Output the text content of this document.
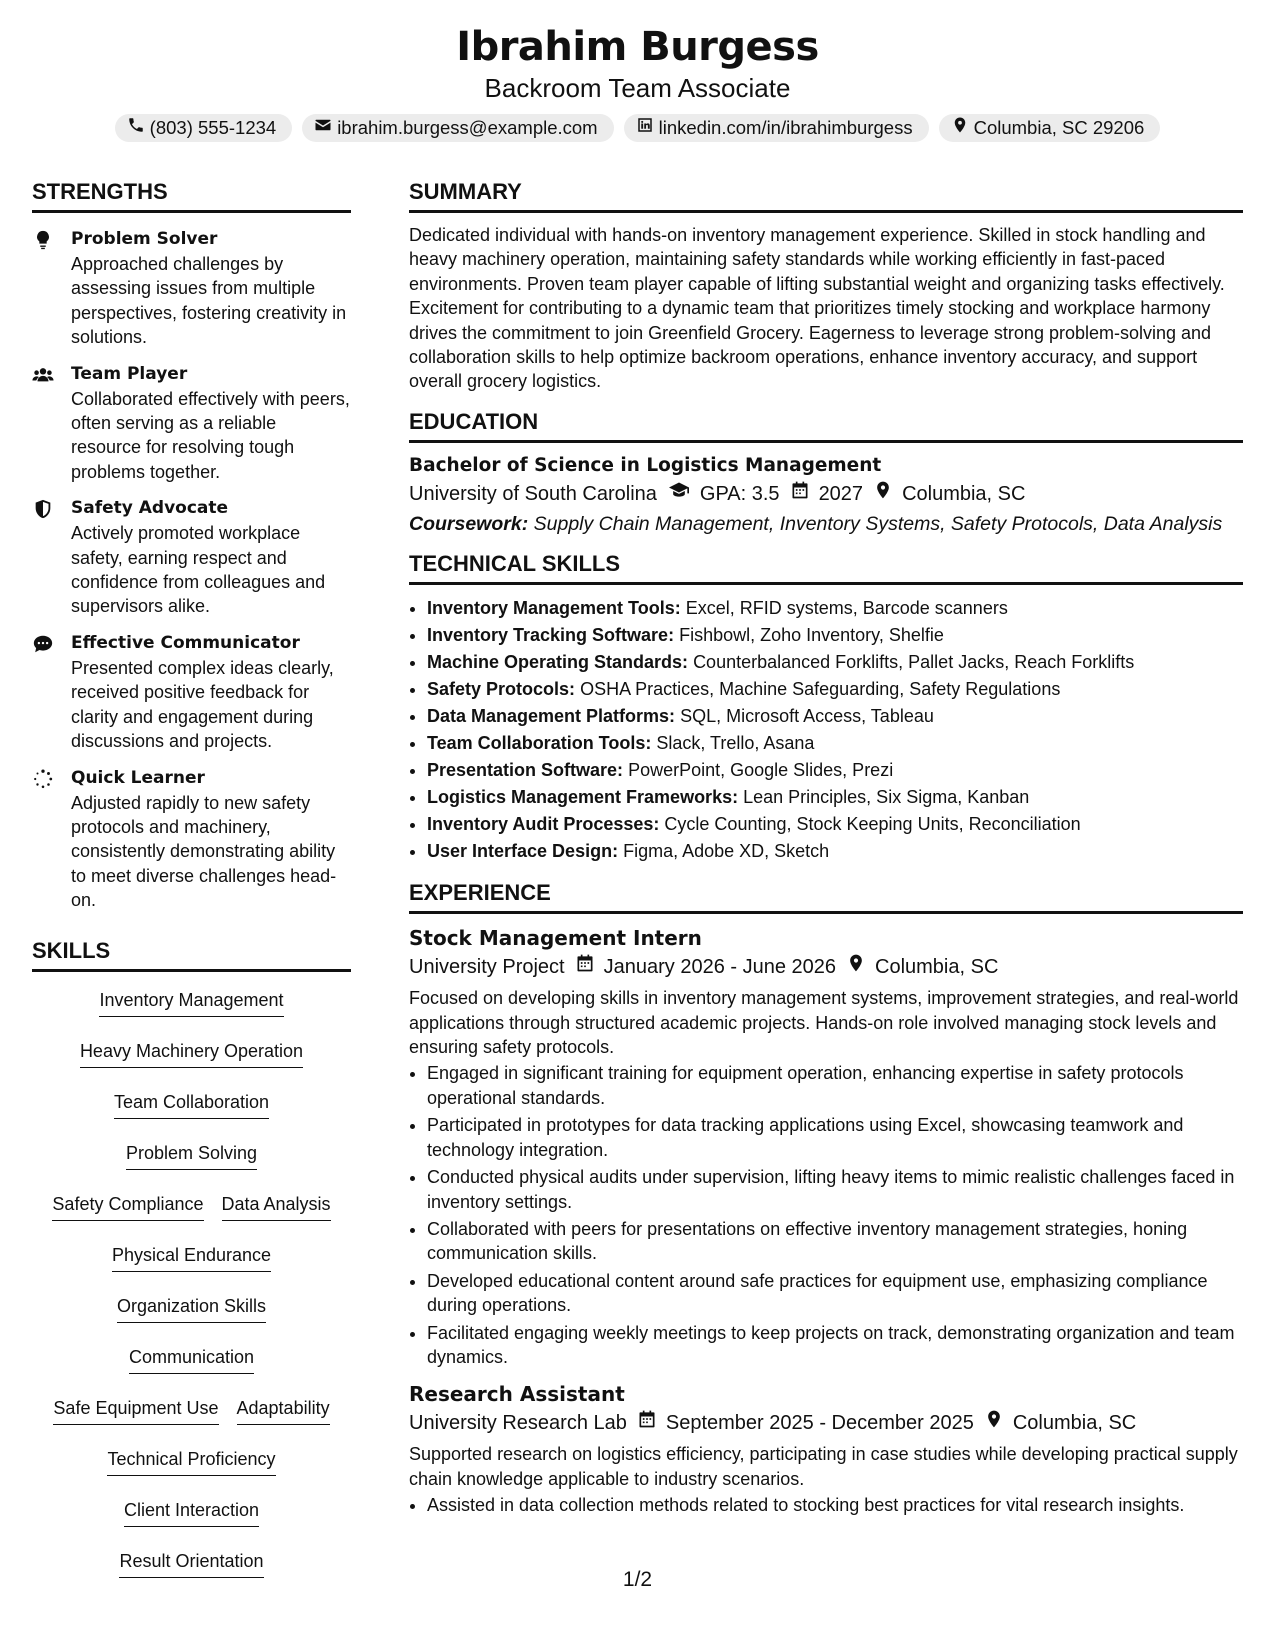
Ibrahim Burgess
Backroom Team Associate
(803) 555-1234	ibrahim.burgess@example.com	linkedin.com/in/ibrahimburgess	Columbia, SC 29206
STRENGTHS
Problem Solver
Approached challenges by assessing issues from multiple perspectives, fostering creativity in solutions.
Team Player
Collaborated effectively with peers, often serving as a reliable resource for resolving tough problems together.
Safety Advocate
Actively promoted workplace safety, earning respect and confidence from colleagues and supervisors alike.
Effective Communicator
Presented complex ideas clearly, received positive feedback for clarity and engagement during discussions and projects.
Quick Learner
Adjusted rapidly to new safety protocols and machinery, consistently demonstrating ability to meet diverse challenges head-on.
SKILLS
Inventory Management
Heavy Machinery Operation
Team Collaboration
Problem Solving
Safety Compliance Data Analysis
Physical Endurance
Organization Skills
Communication
Safe Equipment Use Adaptability
Technical Proficiency
Client Interaction
Result Orientation
SUMMARY

Dedicated individual with hands-on inventory management experience. Skilled in stock handling and heavy machinery operation, maintaining safety standards while working efficiently in fast-paced environments. Proven team player capable of lifting substantial weight and organizing tasks effectively. Excitement for contributing to a dynamic team that prioritizes timely stocking and workplace harmony drives the commitment to join Greenfield Grocery. Eagerness to leverage strong problem-solving and collaboration skills to help optimize backroom operations, enhance inventory accuracy, and support overall grocery logistics.

EDUCATION
Bachelor of Science in Logistics Management
University of South Carolina GPA: 3.5 2027 Columbia, SC
Coursework: Supply Chain Management, Inventory Systems, Safety Protocols, Data Analysis
TECHNICAL SKILLS
• Inventory Management Tools: Excel, RFID systems, Barcode scanners
• Inventory Tracking Software: Fishbowl, Zoho Inventory, Shelfie
• Machine Operating Standards: Counterbalanced Forklifts, Pallet Jacks, Reach Forklifts
• Safety Protocols: OSHA Practices, Machine Safeguarding, Safety Regulations
• Data Management Platforms: SQL, Microsoft Access, Tableau
• Team Collaboration Tools: Slack, Trello, Asana
• Presentation Software: PowerPoint, Google Slides, Prezi
• Logistics Management Frameworks: Lean Principles, Six Sigma, Kanban
• Inventory Audit Processes: Cycle Counting, Stock Keeping Units, Reconciliation
• User Interface Design: Figma, Adobe XD, Sketch
EXPERIENCE
Stock Management Intern
University Project January 2026 - June 2026 Columbia, SC

Focused on developing skills in inventory management systems, improvement strategies, and real-world applications through structured academic projects. Hands-on role involved managing stock levels and ensuring safety protocols.

• Engaged in significant training for equipment operation, enhancing expertise in safety protocols operational standards.
• Participated in prototypes for data tracking applications using Excel, showcasing teamwork and technology integration.
• Conducted physical audits under supervision, lifting heavy items to mimic realistic challenges faced in inventory settings.
• Collaborated with peers for presentations on effective inventory management strategies, honing communication skills.
• Developed educational content around safe practices for equipment use, emphasizing compliance during operations.
• Facilitated engaging weekly meetings to keep projects on track, demonstrating organization and team dynamics.
Research Assistant
University Research Lab September 2025 - December 2025 Columbia, SC

Supported research on logistics efficiency, participating in case studies while developing practical supply chain knowledge applicable to industry scenarios.

• Assisted in data collection methods related to stocking best practices for vital research insights.
1/2
